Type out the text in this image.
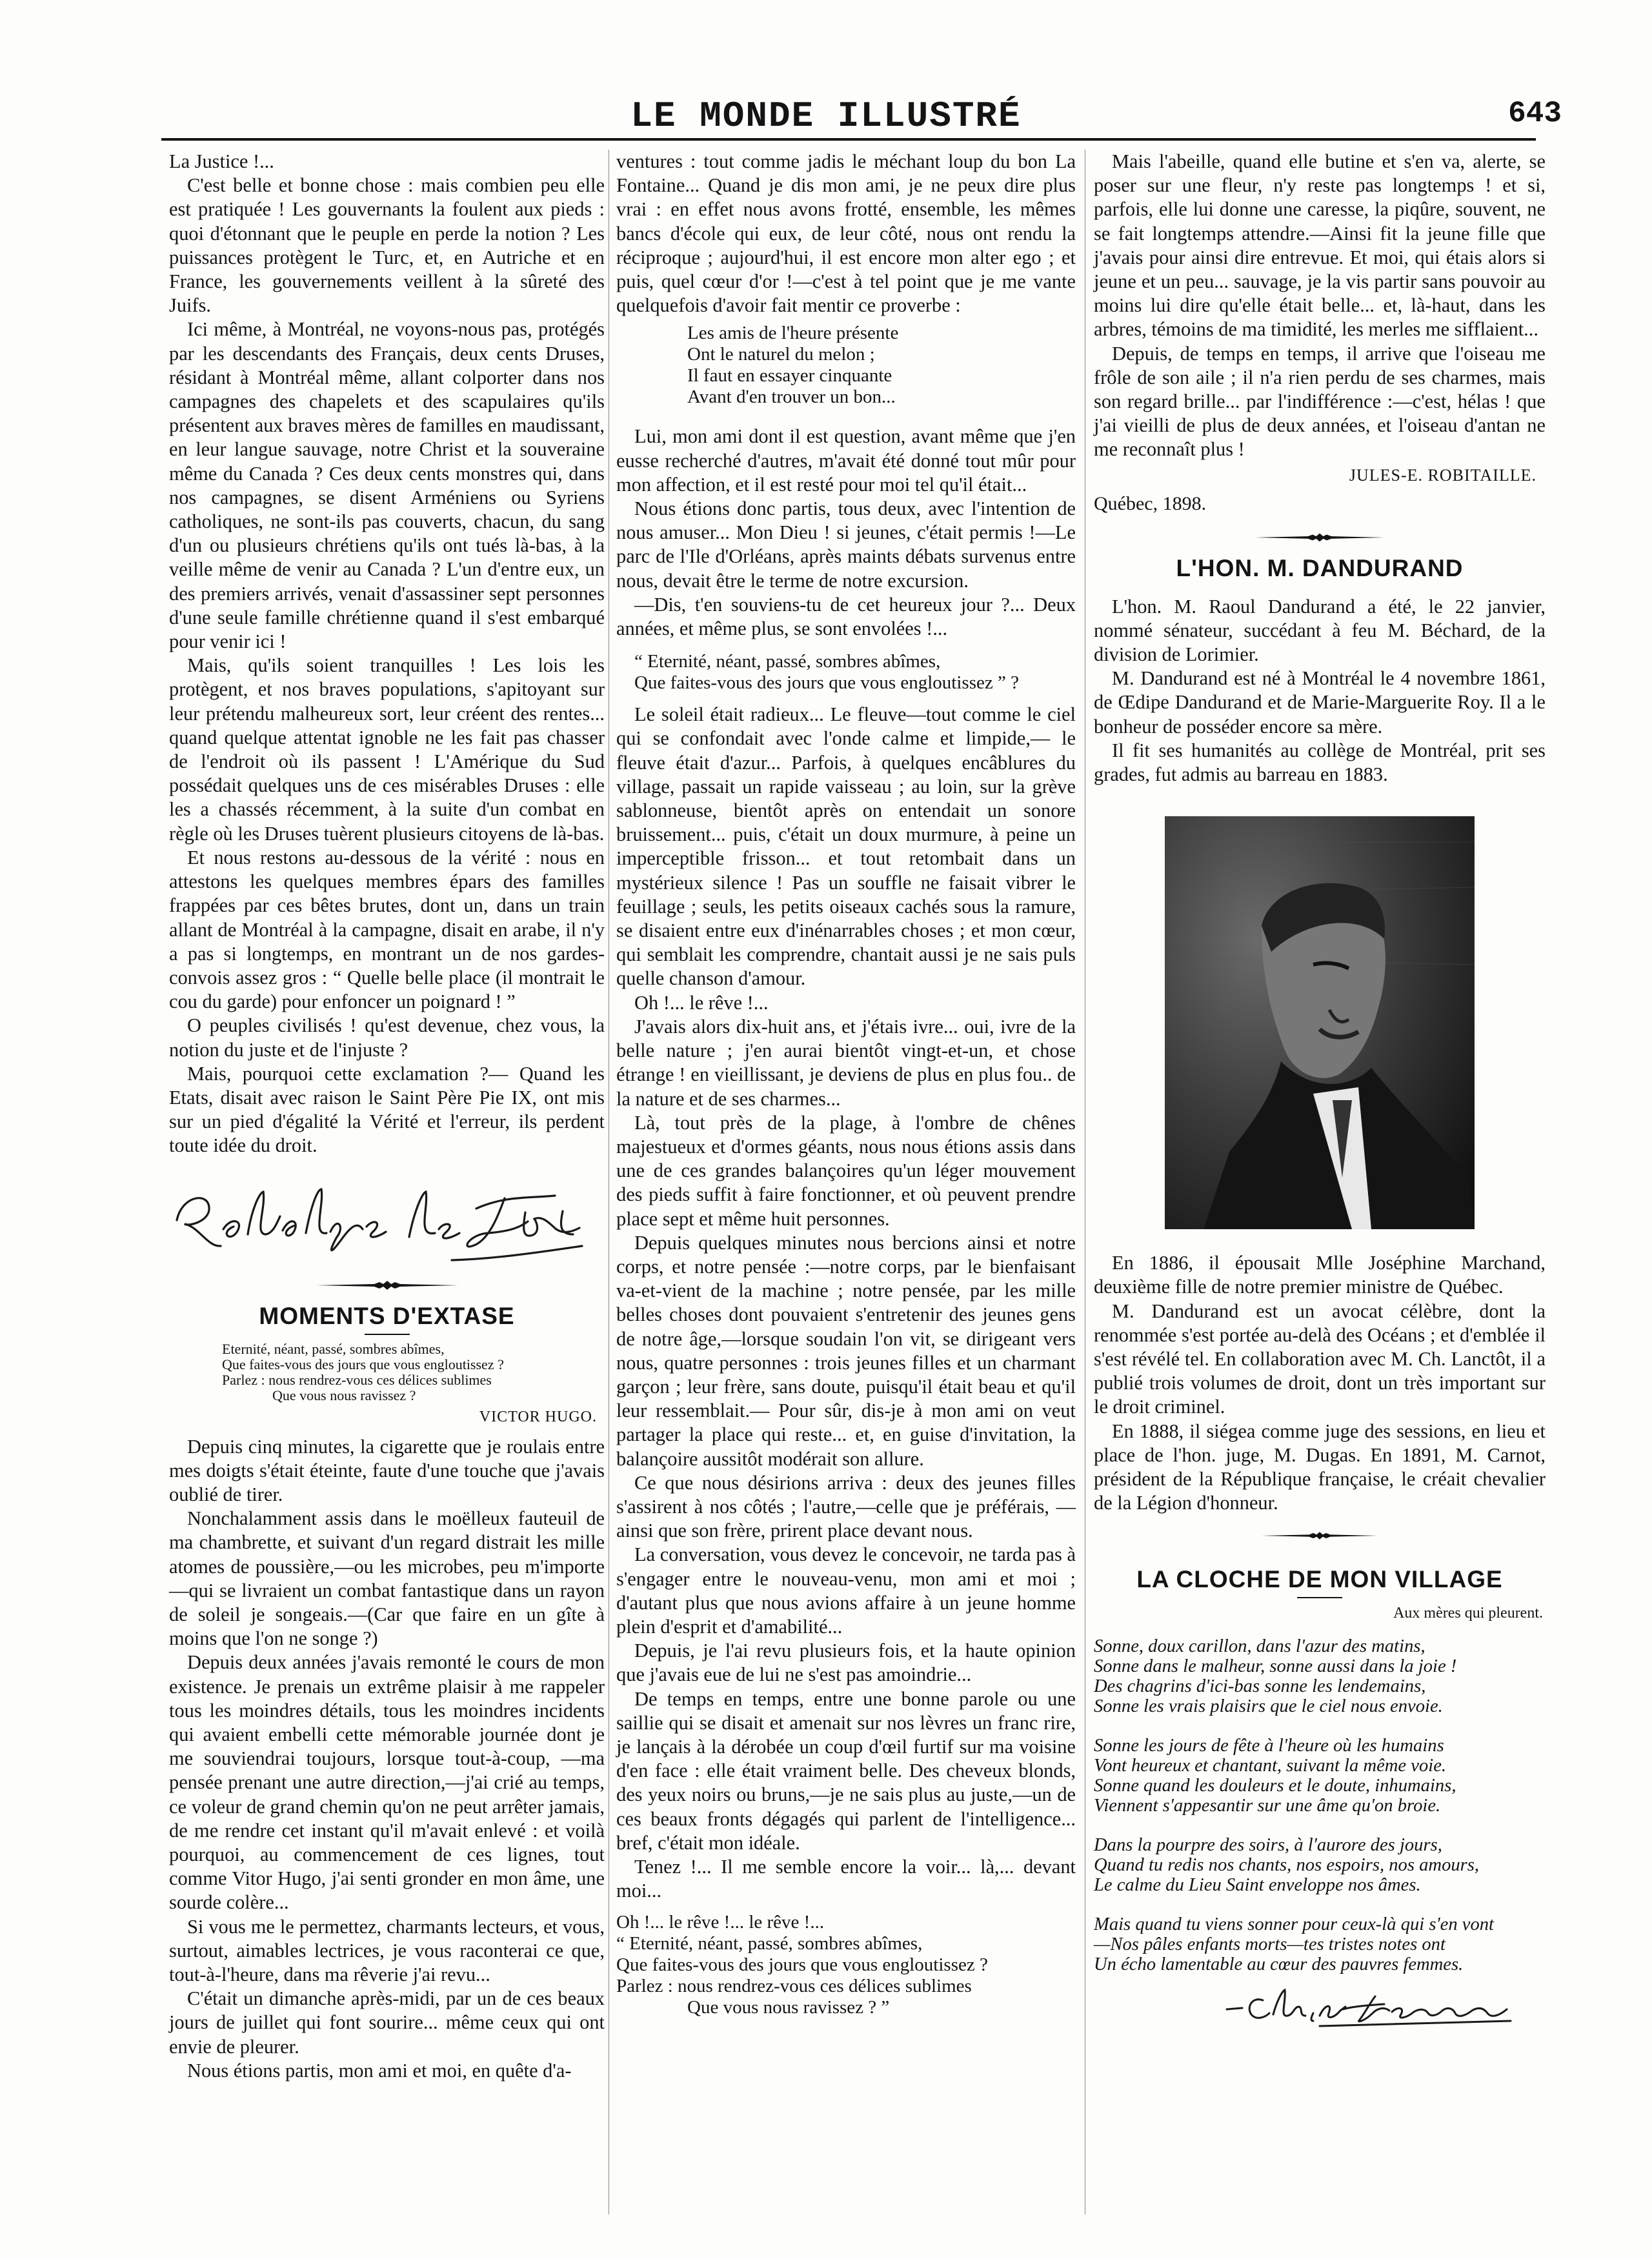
LE MONDE ILLUSTRÉ	643

La Justice !...

C'est belle et bonne chose : mais combien peu elle est pratiquée ! Les gouvernants la foulent aux pieds : quoi d'étonnant que le peuple en perde la notion ? Les puissances protègent le Turc, et, en Autriche et en France, les gouvernements veillent à la sûreté des Juifs.

Ici même, à Montréal, ne voyons-nous pas, protégés par les descendants des Français, deux cents Druses, résidant à Montréal même, allant colporter dans nos campagnes des chapelets et des scapulaires qu'ils présentent aux braves mères de familles en maudissant, en leur langue sauvage, notre Christ et la souveraine même du Canada ? Ces deux cents monstres qui, dans nos campagnes, se disent Arméniens ou Syriens catholiques, ne sont-ils pas couverts, chacun, du sang d'un ou plusieurs chrétiens qu'ils ont tués là-bas, à la veille même de venir au Canada ? L'un d'entre eux, un des premiers arrivés, venait d'assassiner sept personnes d'une seule famille chrétienne quand il s'est embarqué pour venir ici !

Mais, qu'ils soient tranquilles ! Les lois les protègent, et nos braves populations, s'apitoyant sur leur prétendu malheureux sort, leur créent des rentes... quand quelque attentat ignoble ne les fait pas chasser de l'endroit où ils passent ! L'Amérique du Sud possédait quelques uns de ces misérables Druses : elle les a chassés récemment, à la suite d'un combat en règle où les Druses tuèrent plusieurs citoyens de là-bas.

Et nous restons au-dessous de la vérité : nous en attestons les quelques membres épars des familles frappées par ces bêtes brutes, dont un, dans un train allant de Montréal à la campagne, disait en arabe, il n'y a pas si longtemps, en montrant un de nos gardes-convois assez gros : “ Quelle belle place (il montrait le cou du garde) pour enfoncer un poignard ! ”

O peuples civilisés ! qu'est devenue, chez vous, la notion du juste et de l'injuste ?

Mais, pourquoi cette exclamation ?— Quand les Etats, disait avec raison le Saint Père Pie IX, ont mis sur un pied d'égalité la Vérité et l'erreur, ils perdent toute idée du droit.

MOMENTS D'EXTASE
Eternité, néant, passé, sombres abîmes,
Que faites-vous des jours que vous engloutissez ?
Parlez : nous rendrez-vous ces délices sublimes
Que vous nous ravissez ?
VICTOR HUGO.

Depuis cinq minutes, la cigarette que je roulais entre mes doigts s'était éteinte, faute d'une touche que j'avais oublié de tirer.

Nonchalamment assis dans le moëlleux fauteuil de ma chambrette, et suivant d'un regard distrait les mille atomes de poussière,—ou les microbes, peu m'importe —qui se livraient un combat fantastique dans un rayon de soleil je songeais.—(Car que faire en un gîte à moins que l'on ne songe ?)

Depuis deux années j'avais remonté le cours de mon existence. Je prenais un extrême plaisir à me rappeler tous les moindres détails, tous les moindres incidents qui avaient embelli cette mémorable journée dont je me souviendrai toujours, lorsque tout-à-coup, —ma pensée prenant une autre direction,—j'ai crié au temps, ce voleur de grand chemin qu'on ne peut arrêter jamais, de me rendre cet instant qu'il m'avait enlevé : et voilà pourquoi, au commencement de ces lignes, tout comme Vitor Hugo, j'ai senti gronder en mon âme, une sourde colère...

Si vous me le permettez, charmants lecteurs, et vous, surtout, aimables lectrices, je vous raconterai ce que, tout-à-l'heure, dans ma rêverie j'ai revu...

C'était un dimanche après-midi, par un de ces beaux jours de juillet qui font sourire... même ceux qui ont envie de pleurer.

Nous étions partis, mon ami et moi, en quête d'a-

ventures : tout comme jadis le méchant loup du bon La Fontaine... Quand je dis mon ami, je ne peux dire plus vrai : en effet nous avons frotté, ensemble, les mêmes bancs d'école qui eux, de leur côté, nous ont rendu la réciproque ; aujourd'hui, il est encore mon alter ego ; et puis, quel cœur d'or !—c'est à tel point que je me vante quelquefois d'avoir fait mentir ce proverbe :

Les amis de l'heure présente
Ont le naturel du melon ;
Il faut en essayer cinquante
Avant d'en trouver un bon...

Lui, mon ami dont il est question, avant même que j'en eusse recherché d'autres, m'avait été donné tout mûr pour mon affection, et il est resté pour moi tel qu'il était...

Nous étions donc partis, tous deux, avec l'intention de nous amuser... Mon Dieu ! si jeunes, c'était permis !—Le parc de l'Ile d'Orléans, après maints débats survenus entre nous, devait être le terme de notre excursion.

—Dis, t'en souviens-tu de cet heureux jour ?... Deux années, et même plus, se sont envolées !...

“ Eternité, néant, passé, sombres abîmes,
Que faites-vous des jours que vous engloutissez ” ?

Le soleil était radieux... Le fleuve—tout comme le ciel qui se confondait avec l'onde calme et limpide,— le fleuve était d'azur... Parfois, à quelques encâblures du village, passait un rapide vaisseau ; au loin, sur la grève sablonneuse, bientôt après on entendait un sonore bruissement... puis, c'était un doux murmure, à peine un imperceptible frisson... et tout retombait dans un mystérieux silence ! Pas un souffle ne faisait vibrer le feuillage ; seuls, les petits oiseaux cachés sous la ramure, se disaient entre eux d'inénarrables choses ; et mon cœur, qui semblait les comprendre, chantait aussi je ne sais puls quelle chanson d'amour.

Oh !... le rêve !...

J'avais alors dix-huit ans, et j'étais ivre... oui, ivre de la belle nature ; j'en aurai bientôt vingt-et-un, et chose étrange ! en vieillissant, je deviens de plus en plus fou.. de la nature et de ses charmes...

Là, tout près de la plage, à l'ombre de chênes majestueux et d'ormes géants, nous nous étions assis dans une de ces grandes balançoires qu'un léger mouvement des pieds suffit à faire fonctionner, et où peuvent prendre place sept et même huit personnes.

Depuis quelques minutes nous bercions ainsi et notre corps, et notre pensée :—notre corps, par le bienfaisant va-et-vient de la machine ; notre pensée, par les mille belles choses dont pouvaient s'entretenir des jeunes gens de notre âge,—lorsque soudain l'on vit, se dirigeant vers nous, quatre personnes : trois jeunes filles et un charmant garçon ; leur frère, sans doute, puisqu'il était beau et qu'il leur ressemblait.— Pour sûr, dis-je à mon ami on veut partager la place qui reste... et, en guise d'invitation, la balançoire aussitôt modérait son allure.

Ce que nous désirions arriva : deux des jeunes filles s'assirent à nos côtés ; l'autre,—celle que je préférais, —ainsi que son frère, prirent place devant nous.

La conversation, vous devez le concevoir, ne tarda pas à s'engager entre le nouveau-venu, mon ami et moi ; d'autant plus que nous avions affaire à un jeune homme plein d'esprit et d'amabilité...

Depuis, je l'ai revu plusieurs fois, et la haute opinion que j'avais eue de lui ne s'est pas amoindrie...

De temps en temps, entre une bonne parole ou une saillie qui se disait et amenait sur nos lèvres un franc rire, je lançais à la dérobée un coup d'œil furtif sur ma voisine d'en face : elle était vraiment belle. Des cheveux blonds, des yeux noirs ou bruns,—je ne sais plus au juste,—un de ces beaux fronts dégagés qui parlent de l'intelligence... bref, c'était mon idéale.

Tenez !... Il me semble encore la voir... là,... devant moi...

Oh !... le rêve !... le rêve !...
“ Eternité, néant, passé, sombres abîmes,
Que faites-vous des jours que vous engloutissez ?
Parlez : nous rendrez-vous ces délices sublimes
Que vous nous ravissez ? ”

Mais l'abeille, quand elle butine et s'en va, alerte, se poser sur une fleur, n'y reste pas longtemps ! et si, parfois, elle lui donne une caresse, la piqûre, souvent, ne se fait longtemps attendre.—Ainsi fit la jeune fille que j'avais pour ainsi dire entrevue. Et moi, qui étais alors si jeune et un peu... sauvage, je la vis partir sans pouvoir au moins lui dire qu'elle était belle... et, là-haut, dans les arbres, témoins de ma timidité, les merles me sifflaient...

Depuis, de temps en temps, il arrive que l'oiseau me frôle de son aile ; il n'a rien perdu de ses charmes, mais son regard brille... par l'indifférence :—c'est, hélas ! que j'ai vieilli de plus de deux années, et l'oiseau d'antan ne me reconnaît plus !

JULES-E. ROBITAILLE.
Québec, 1898.
L'HON. M. DANDURAND

L'hon. M. Raoul Dandurand a été, le 22 janvier, nommé sénateur, succédant à feu M. Béchard, de la division de Lorimier.

M. Dandurand est né à Montréal le 4 novembre 1861, de Œdipe Dandurand et de Marie-Marguerite Roy. Il a le bonheur de posséder encore sa mère.

Il fit ses humanités au collège de Montréal, prit ses grades, fut admis au barreau en 1883.

En 1886, il épousait Mlle Joséphine Marchand, deuxième fille de notre premier ministre de Québec.

M. Dandurand est un avocat célèbre, dont la renommée s'est portée au-delà des Océans ; et d'emblée il s'est révélé tel. En collaboration avec M. Ch. Lanctôt, il a publié trois volumes de droit, dont un très important sur le droit criminel.

En 1888, il siégea comme juge des sessions, en lieu et place de l'hon. juge, M. Dugas. En 1891, M. Carnot, président de la République française, le créait chevalier de la Légion d'honneur.

LA CLOCHE DE MON VILLAGE
Aux mères qui pleurent.
Sonne, doux carillon, dans l'azur des matins,
Sonne dans le malheur, sonne aussi dans la joie !
Des chagrins d'ici-bas sonne les lendemains,
Sonne les vrais plaisirs que le ciel nous envoie.
Sonne les jours de fête à l'heure où les humains
Vont heureux et chantant, suivant la même voie.
Sonne quand les douleurs et le doute, inhumains,
Viennent s'appesantir sur une âme qu'on broie.
Dans la pourpre des soirs, à l'aurore des jours,
Quand tu redis nos chants, nos espoirs, nos amours,
Le calme du Lieu Saint enveloppe nos âmes.
Mais quand tu viens sonner pour ceux-là qui s'en vont
—Nos pâles enfants morts—tes tristes notes ont
Un écho lamentable au cœur des pauvres femmes.
